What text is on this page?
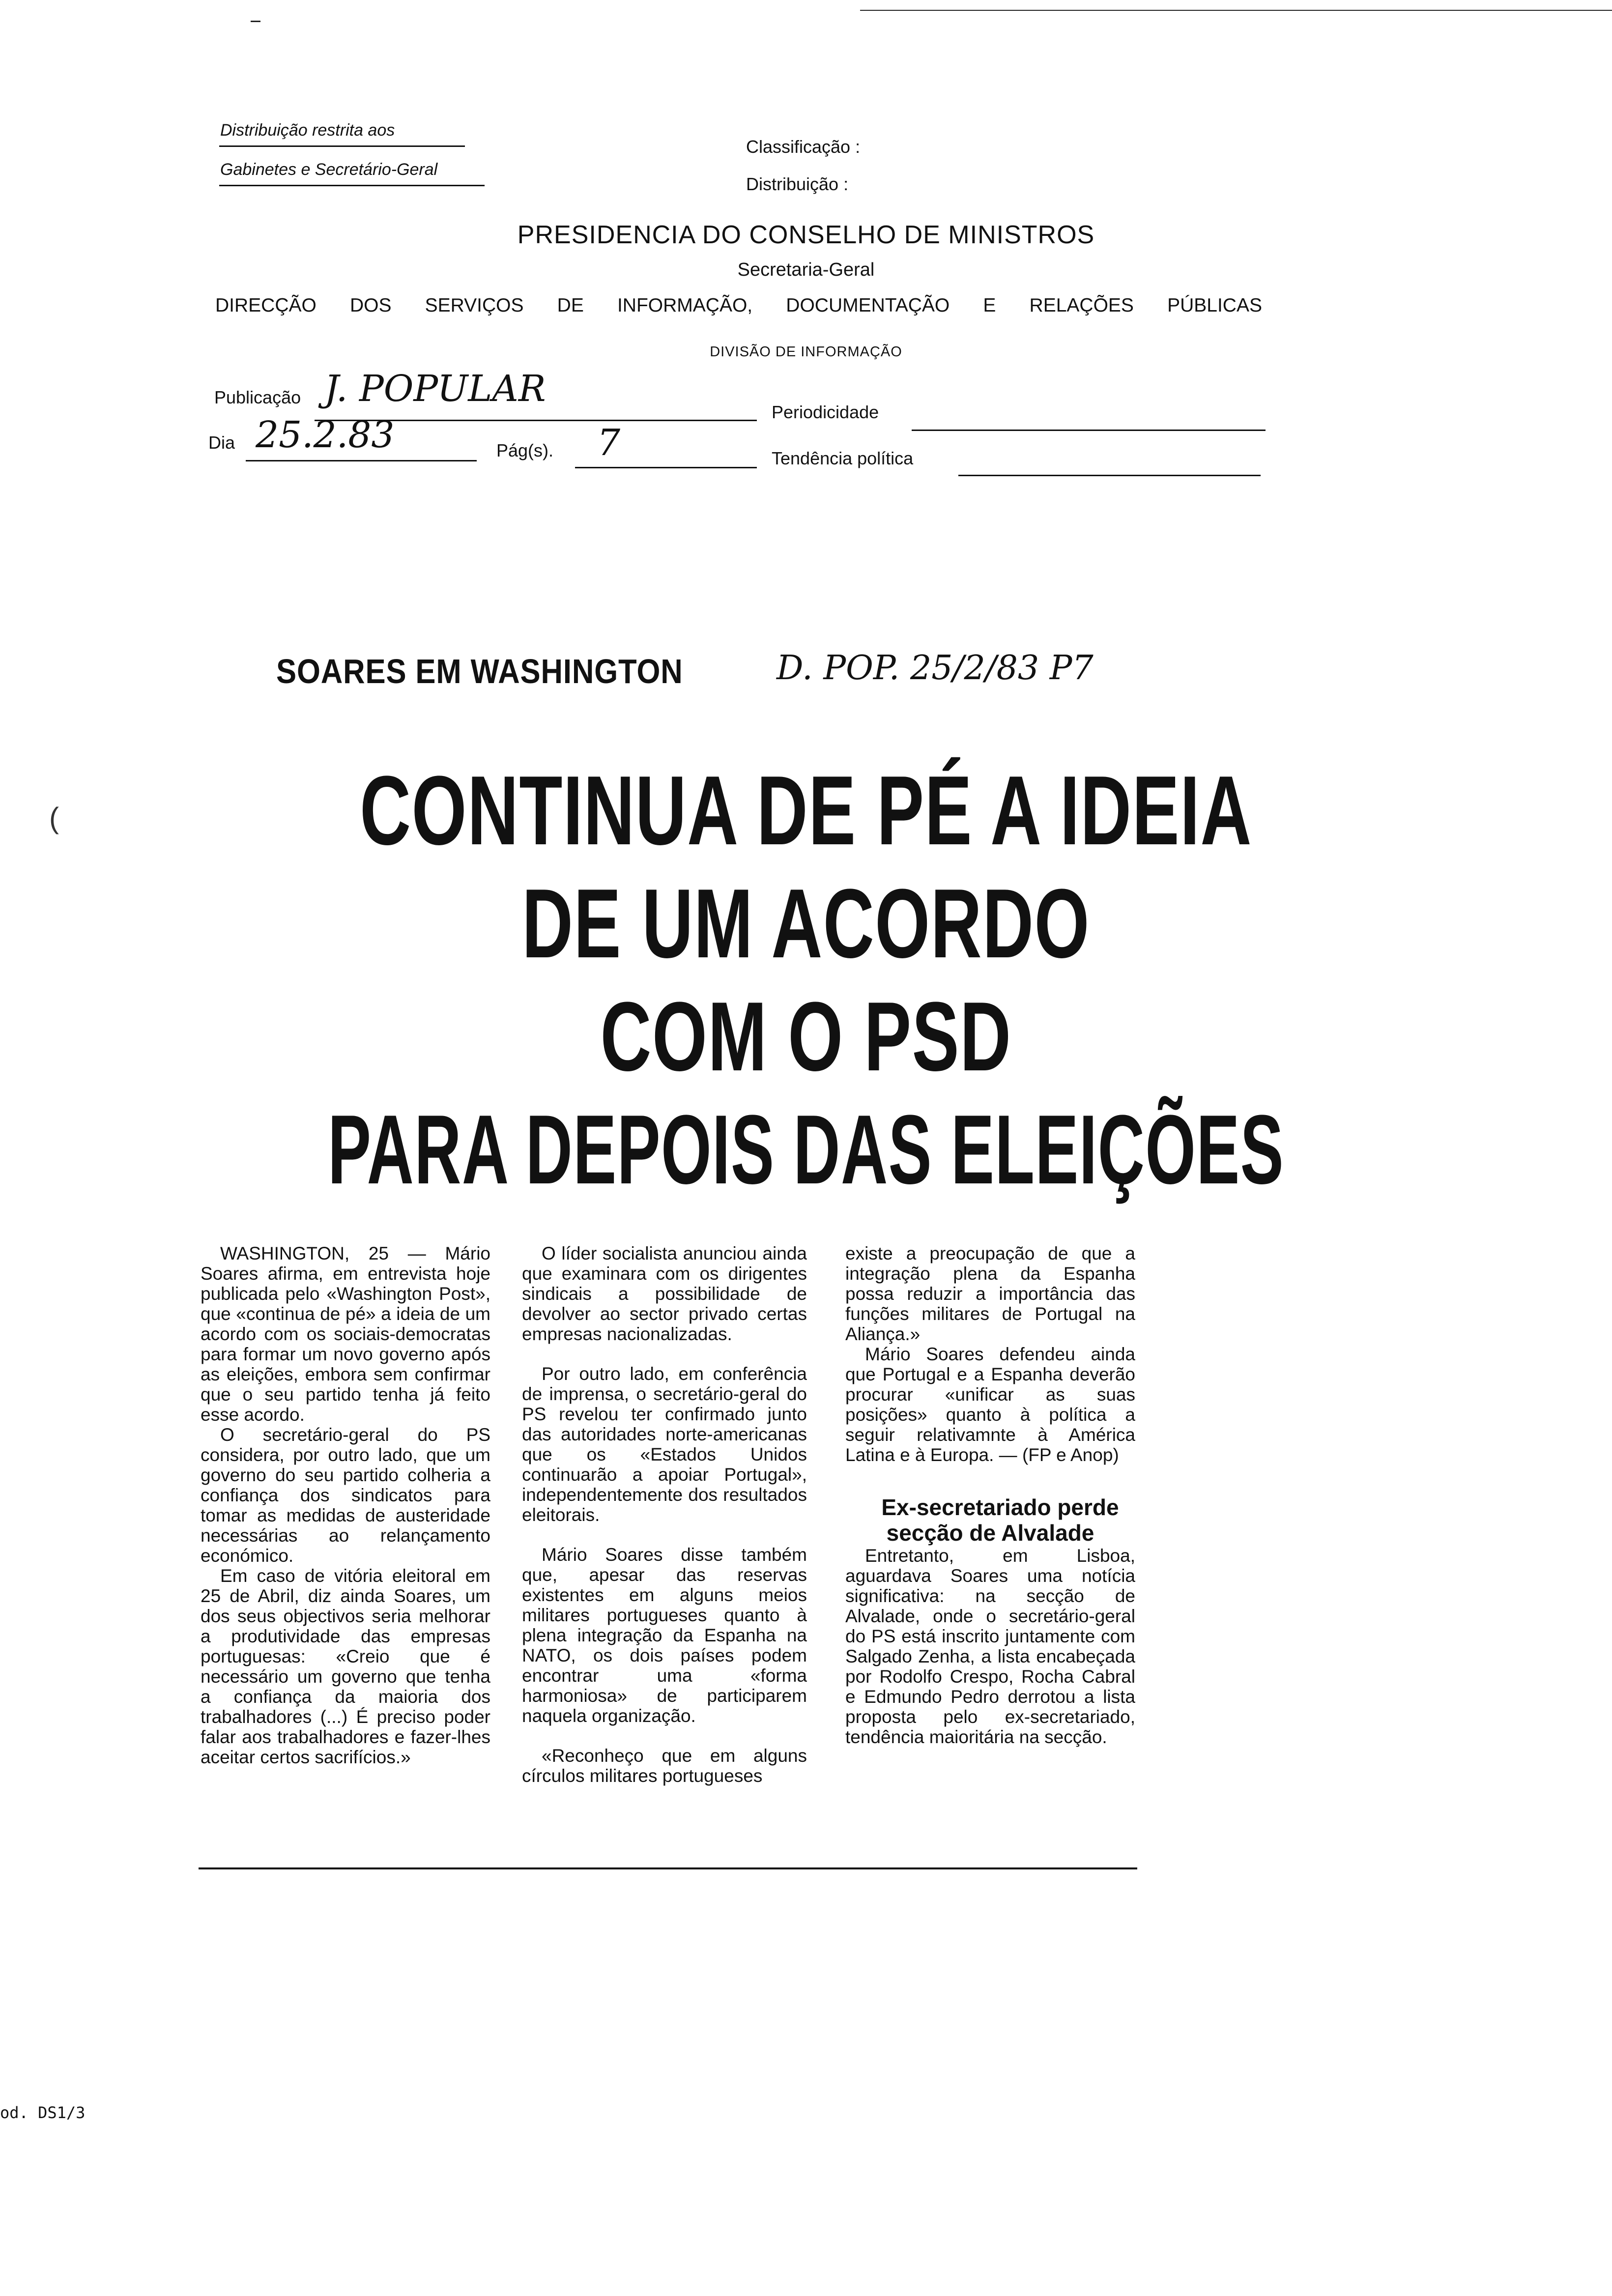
Distribuição restrita aos
Gabinetes e Secretário-Geral
Classificação :
Distribuição :
PRESIDENCIA DO CONSELHO DE MINISTROS
Secretaria-Geral
DIRECÇÃO DOS SERVIÇOS DE INFORMAÇÃO, DOCUMENTAÇÃO E RELAÇÕES PÚBLICAS
DIVISÃO DE INFORMAÇÃO
Publicação J. POPULAR
Periodicidade
Dia 25.2.83	Pág(s). 7	Tendência política
SOARES EM WASHINGTON	D. POP. 25/2/83 P7
CONTINUA DE PÉ A IDEIA
DE UM ACORDO
COM O PSD
PARA DEPOIS DAS ELEIÇÕES

WASHINGTON, 25 — Mário Soares afirma, em entrevista hoje publicada pelo «Washington Post», que «continua de pé» a ideia de um acordo com os sociais-democratas para formar um novo governo após as eleições, embora sem confirmar que o seu partido tenha já feito esse acordo.

O secretário-geral do PS considera, por outro lado, que um governo do seu partido colheria a confiança dos sindicatos para tomar as medidas de austeridade necessárias ao relançamento económico.

Em caso de vitória eleitoral em 25 de Abril, diz ainda Soares, um dos seus objectivos seria melhorar a produtividade das empresas portuguesas: «Creio que é necessário um governo que tenha a confiança da maioria dos trabalhadores (...) É preciso poder falar aos trabalhadores e fazer-lhes aceitar certos sacrifícios.»

O líder socialista anunciou ainda que examinara com os dirigentes sindicais a possibilidade de devolver ao sector privado certas empresas nacionalizadas.

Por outro lado, em conferência de imprensa, o secretário-geral do PS revelou ter confirmado junto das autoridades norte-americanas que os «Estados Unidos continuarão a apoiar Portugal», independentemente dos resultados eleitorais.

Mário Soares disse também que, apesar das reservas existentes em alguns meios militares portugueses quanto à plena integração da Espanha na NATO, os dois países podem encontrar uma «forma harmoniosa» de participarem naquela organização.

«Reconheço que em alguns círculos militares portugueses

existe a preocupação de que a integração plena da Espanha possa reduzir a importância das funções militares de Portugal na Aliança.»

Mário Soares defendeu ainda que Portugal e a Espanha deverão procurar «unificar as suas posições» quanto à política a seguir relativamnte à América Latina e à Europa. — (FP e Anop)

Ex-secretariado perde secção de Alvalade

Entretanto, em Lisboa, aguardava Soares uma notícia significativa: na secção de Alvalade, onde o secretário-geral do PS está inscrito juntamente com Salgado Zenha, a lista encabeçada por Rodolfo Crespo, Rocha Cabral e Edmundo Pedro derrotou a lista proposta pelo ex-secretariado, tendência maioritária na secção.

(
od. DS1/3
